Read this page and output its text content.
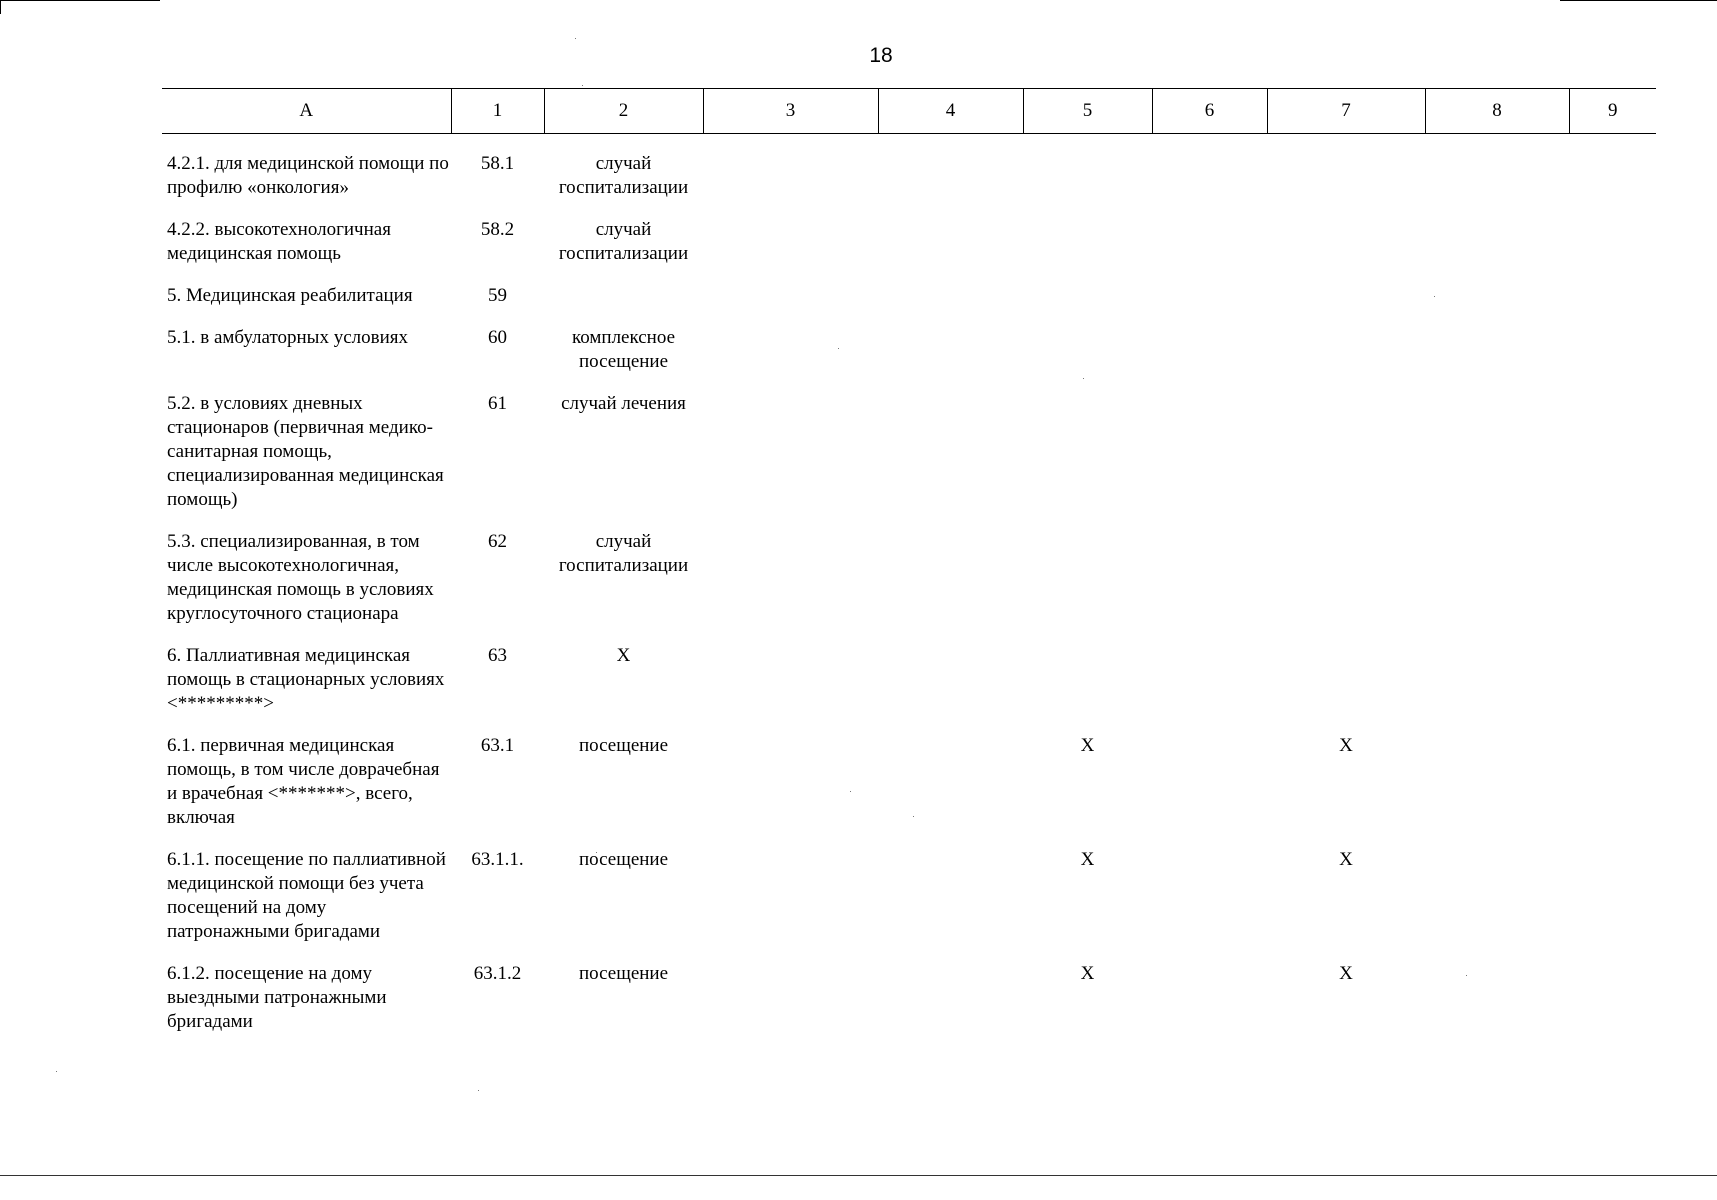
18
А	1	2	3	4	5	6	7	8	9

4.2.1. для медицинской помощи по профилю «онкология»	58.1	случай госпитализации							

4.2.2. высокотехнологичная медицинская помощь	58.2	случай госпитализации							

5. Медицинская реабилитация	59								

5.1. в амбулаторных условиях	60	комплексное посещение							

5.2. в условиях дневных стационаров (первичная медико-санитарная помощь, специализированная медицинская помощь)	61	случай лечения							

5.3. специализированная, в том числе высокотехнологичная, медицинская помощь в условиях круглосуточного стационара	62	случай госпитализации							

6. Паллиативная медицинская помощь в стационарных условиях <*********>	63	X							

6.1. первичная медицинская помощь, в том числе доврачебная и врачебная <*******>, всего, включая	63.1	посещение			X		X		

6.1.1. посещение по паллиативной медицинской помощи без учета посещений на дому патронажными бригадами	63.1.1.	посещение			X		X		

6.1.2. посещение на дому выездными патронажными бригадами	63.1.2	посещение			X		X		
